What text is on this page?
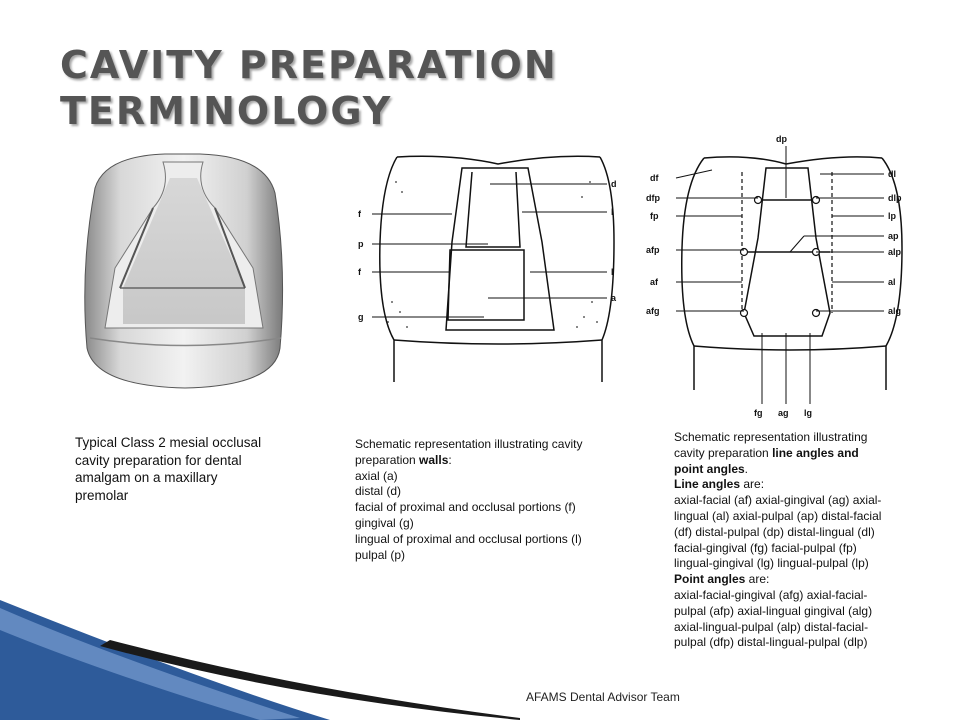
CAVITY PREPARATION
TERMINOLOGY
f
p
f
g
d
l
l
a
dp
df
dfp
fp
afp
af
afg
dl
dlp
lp
ap
alp
al
alg
fg ag lg
Typical Class 2 mesial occlusal
cavity preparation for dental
amalgam on a maxillary
premolar
Schematic representation illustrating cavity
preparation walls:
axial (a)
distal (d)
facial of proximal and occlusal portions (f)
gingival (g)
lingual of proximal and occlusal portions (l)
pulpal (p)
Schematic representation illustrating
cavity preparation line angles and
point angles.
Line angles are:
axial-facial (af) axial-gingival (ag) axial-
lingual (al) axial-pulpal (ap) distal-facial
(df) distal-pulpal (dp) distal-lingual (dl)
facial-gingival (fg) facial-pulpal (fp)
lingual-gingival (lg) lingual-pulpal (lp)
Point angles are:
axial-facial-gingival (afg) axial-facial-
pulpal (afp) axial-lingual gingival (alg)
axial-lingual-pulpal (alp) distal-facial-
pulpal (dfp) distal-lingual-pulpal (dlp)
AFAMS Dental Advisor Team
